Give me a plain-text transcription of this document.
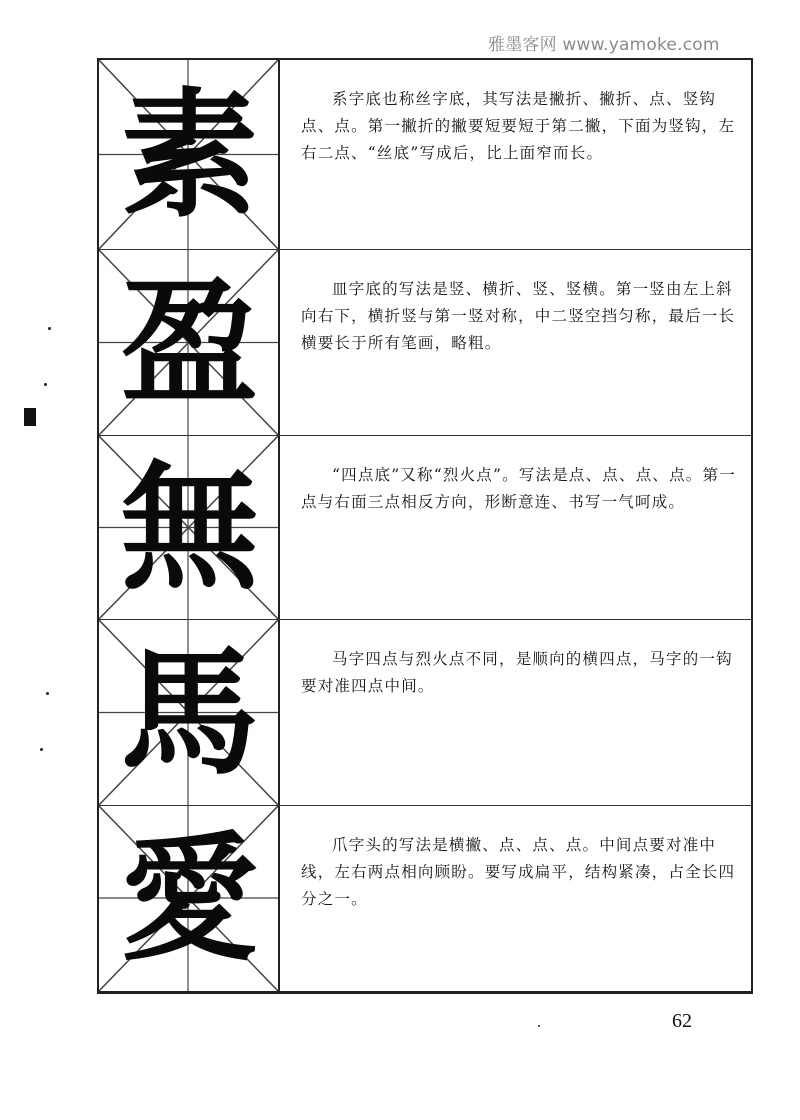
雅墨客网 www.yamoke.com
素	系字底也称丝字底，其写法是撇折、撇折、点、竖钩点、点。第一撇折的撇要短要短于第二撇，下面为竖钩，左右二点、“丝底”写成后，比上面窄而长。

盈	皿字底的写法是竖、横折、竖、竖横。第一竖由左上斜向右下，横折竖与第一竖对称，中二竖空挡匀称，最后一长横要长于所有笔画，略粗。

無	“四点底”又称“烈火点”。写法是点、点、点、点。第一点与右面三点相反方向，形断意连、书写一气呵成。

馬	马字四点与烈火点不同，是顺向的横四点，马字的一钩要对准四点中间。

愛	爪字头的写法是横撇、点、点、点。中间点要对准中线，左右两点相向顾盼。要写成扁平，结构紧凑，占全长四分之一。

62
